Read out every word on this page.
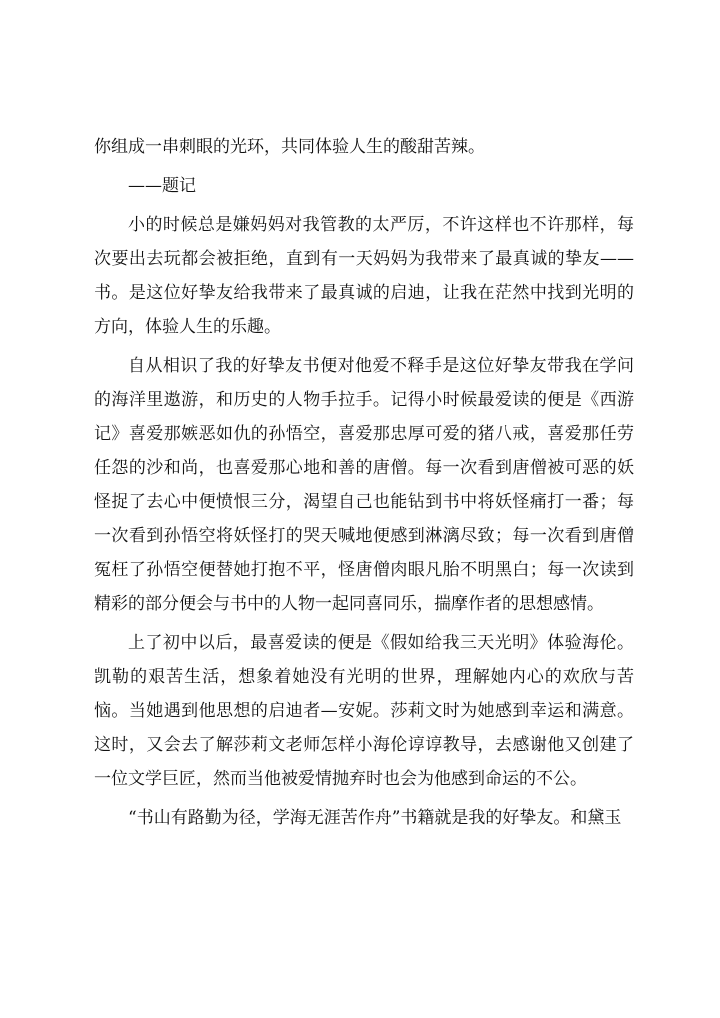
你组成一串刺眼的光环，共同体验人生的酸甜苦辣。

——题记

小的时候总是嫌妈妈对我管教的太严厉，不许这样也不许那样，每次要出去玩都会被拒绝，直到有一天妈妈为我带来了最真诚的挚友——书。是这位好挚友给我带来了最真诚的启迪，让我在茫然中找到光明的方向，体验人生的乐趣。

自从相识了我的好挚友书便对他爱不释手是这位好挚友带我在学问的海洋里遨游，和历史的人物手拉手。记得小时候最爱读的便是《西游记》喜爱那嫉恶如仇的孙悟空，喜爱那忠厚可爱的猪八戒，喜爱那任劳任怨的沙和尚，也喜爱那心地和善的唐僧。每一次看到唐僧被可恶的妖怪捉了去心中便愤恨三分，渴望自己也能钻到书中将妖怪痛打一番；每一次看到孙悟空将妖怪打的哭天喊地便感到淋漓尽致；每一次看到唐僧冤枉了孙悟空便替她打抱不平，怪唐僧肉眼凡胎不明黑白；每一次读到精彩的部分便会与书中的人物一起同喜同乐，揣摩作者的思想感情。

上了初中以后，最喜爱读的便是《假如给我三天光明》体验海伦。凯勒的艰苦生活，想象着她没有光明的世界，理解她内心的欢欣与苦恼。当她遇到他思想的启迪者—安妮。莎莉文时为她感到幸运和满意。这时，又会去了解莎莉文老师怎样小海伦谆谆教导，去感谢他又创建了一位文学巨匠，然而当他被爱情抛弃时也会为他感到命运的不公。

“书山有路勤为径，学海无涯苦作舟”书籍就是我的好挚友。和黛玉
